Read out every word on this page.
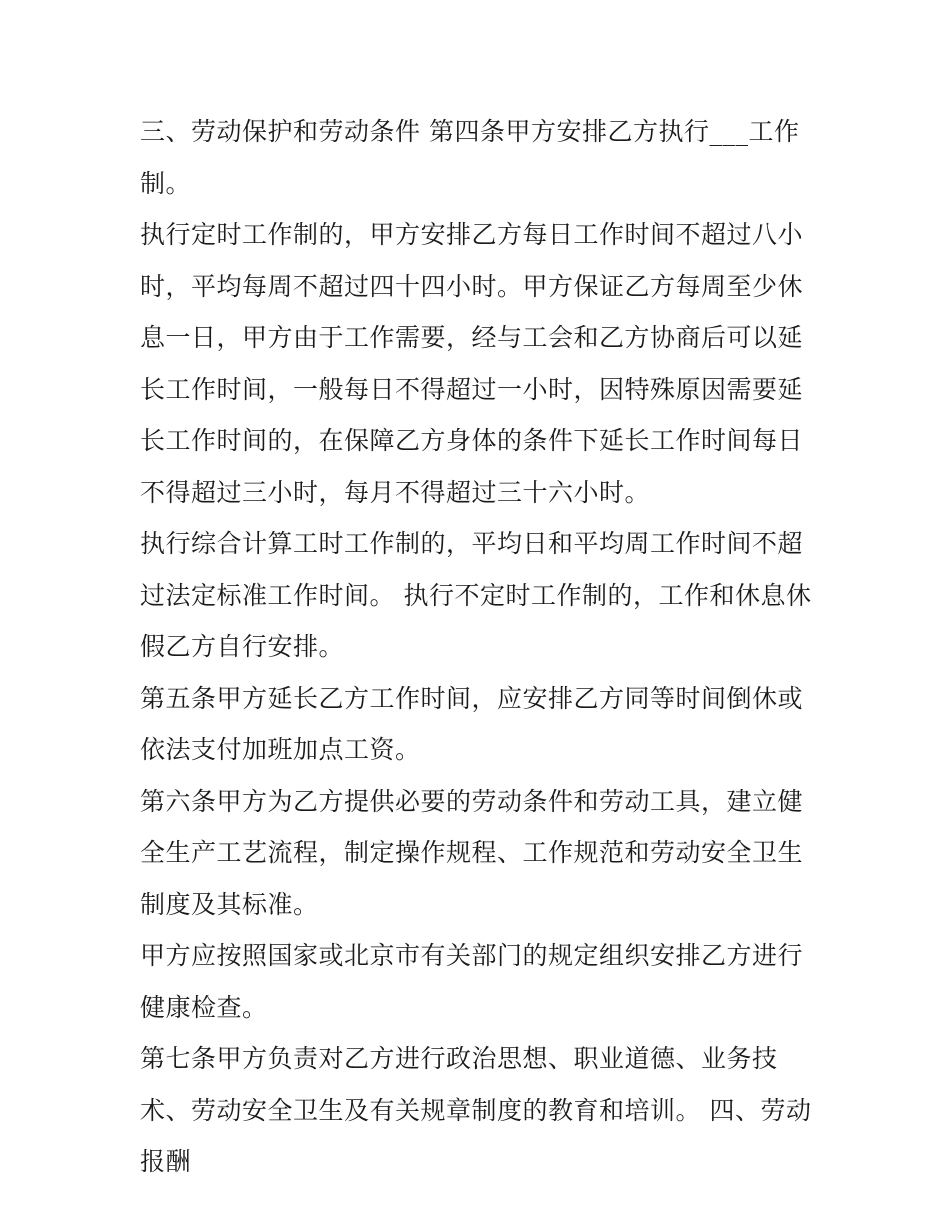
三、劳动保护和劳动条件 第四条甲方安排乙方执行___工作制。

执行定时工作制的，甲方安排乙方每日工作时间不超过八小时，平均每周不超过四十四小时。甲方保证乙方每周至少休息一日，甲方由于工作需要，经与工会和乙方协商后可以延长工作时间，一般每日不得超过一小时，因特殊原因需要延长工作时间的，在保障乙方身体的条件下延长工作时间每日不得超过三小时，每月不得超过三十六小时。

执行综合计算工时工作制的，平均日和平均周工作时间不超过法定标准工作时间。 执行不定时工作制的，工作和休息休假乙方自行安排。

第五条甲方延长乙方工作时间，应安排乙方同等时间倒休或依法支付加班加点工资。

第六条甲方为乙方提供必要的劳动条件和劳动工具，建立健全生产工艺流程，制定操作规程、工作规范和劳动安全卫生制度及其标准。

甲方应按照国家或北京市有关部门的规定组织安排乙方进行健康检查。

第七条甲方负责对乙方进行政治思想、职业道德、业务技术、劳动安全卫生及有关规章制度的教育和培训。 四、劳动报酬
